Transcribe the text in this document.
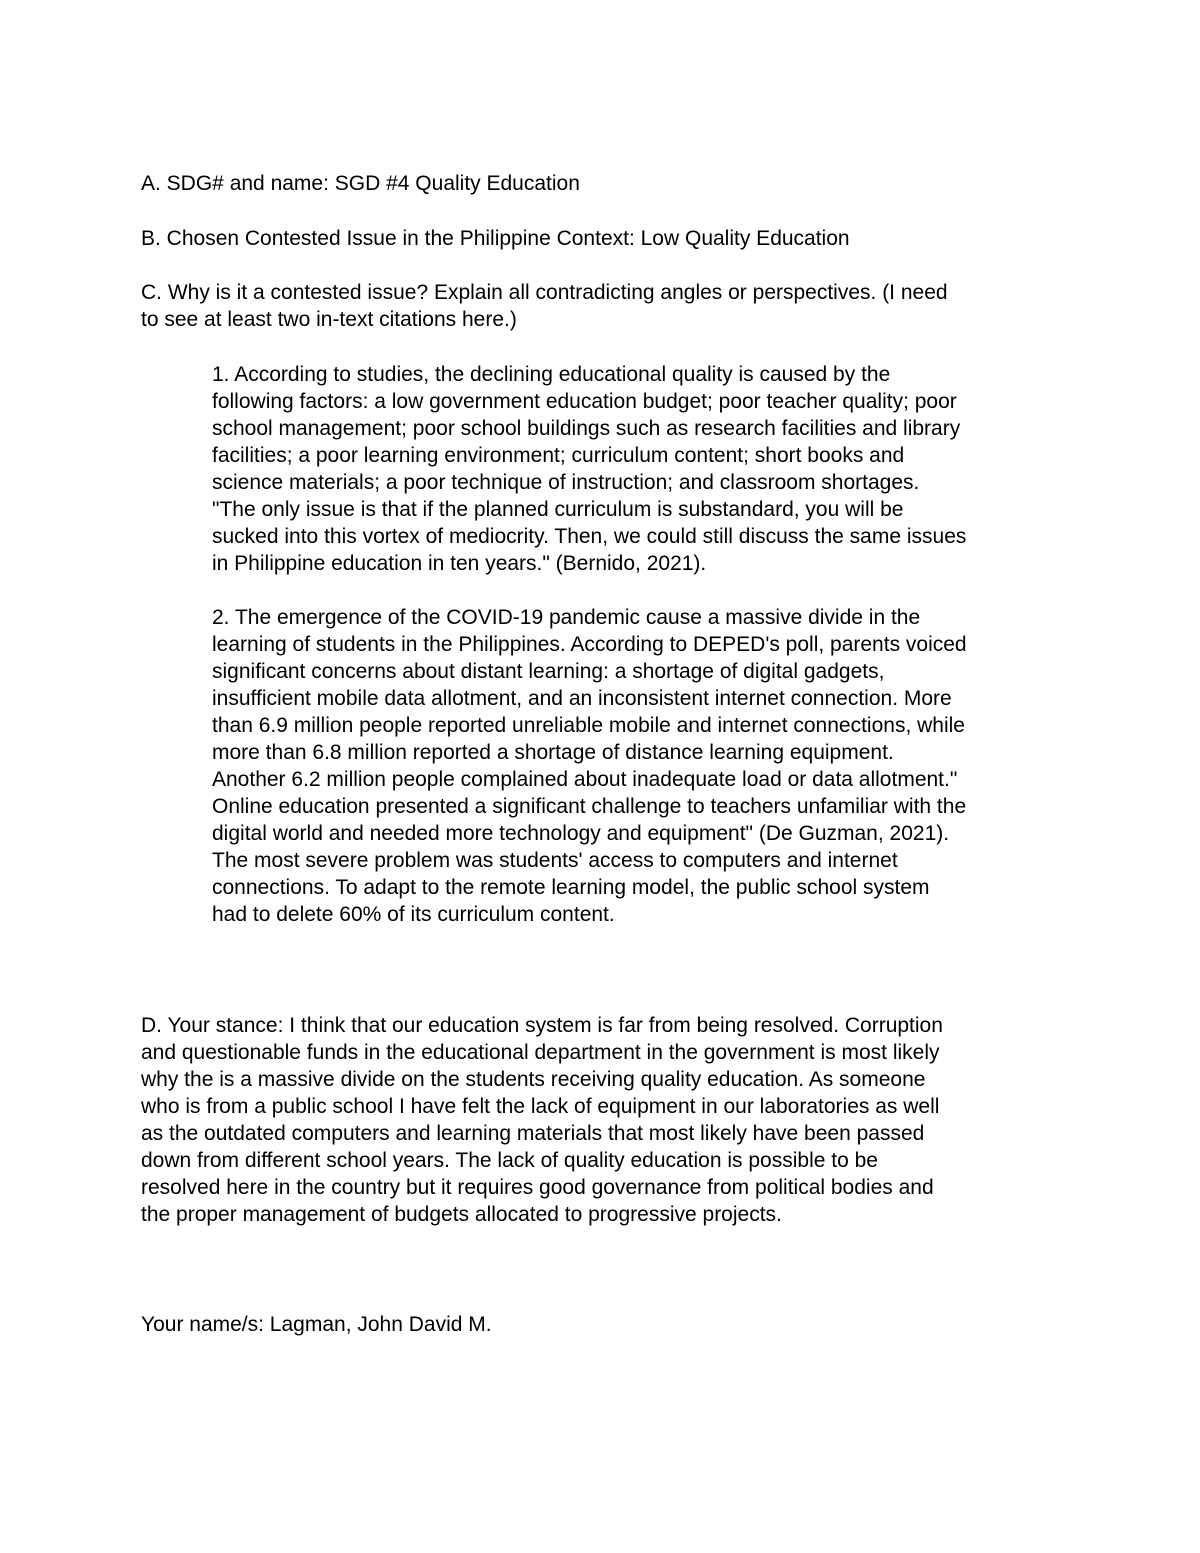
A. SDG# and name: SGD #4 Quality Education

B. Chosen Contested Issue in the Philippine Context: Low Quality Education

C. Why is it a contested issue? Explain all contradicting angles or perspectives. (I need
to see at least two in-text citations here.)

1. According to studies, the declining educational quality is caused by the
following factors: a low government education budget; poor teacher quality; poor
school management; poor school buildings such as research facilities and library
facilities; a poor learning environment; curriculum content; short books and
science materials; a poor technique of instruction; and classroom shortages.
"The only issue is that if the planned curriculum is substandard, you will be
sucked into this vortex of mediocrity. Then, we could still discuss the same issues
in Philippine education in ten years." (Bernido, 2021).

2. The emergence of the COVID-19 pandemic cause a massive divide in the
learning of students in the Philippines. According to DEPED's poll, parents voiced
significant concerns about distant learning: a shortage of digital gadgets,
insufficient mobile data allotment, and an inconsistent internet connection. More
than 6.9 million people reported unreliable mobile and internet connections, while
more than 6.8 million reported a shortage of distance learning equipment.
Another 6.2 million people complained about inadequate load or data allotment."
Online education presented a significant challenge to teachers unfamiliar with the
digital world and needed more technology and equipment" (De Guzman, 2021).
The most severe problem was students' access to computers and internet
connections. To adapt to the remote learning model, the public school system
had to delete 60% of its curriculum content.

D. Your stance: I think that our education system is far from being resolved. Corruption
and questionable funds in the educational department in the government is most likely
why the is a massive divide on the students receiving quality education. As someone
who is from a public school I have felt the lack of equipment in our laboratories as well
as the outdated computers and learning materials that most likely have been passed
down from different school years. The lack of quality education is possible to be
resolved here in the country but it requires good governance from political bodies and
the proper management of budgets allocated to progressive projects.

Your name/s: Lagman, John David M.
